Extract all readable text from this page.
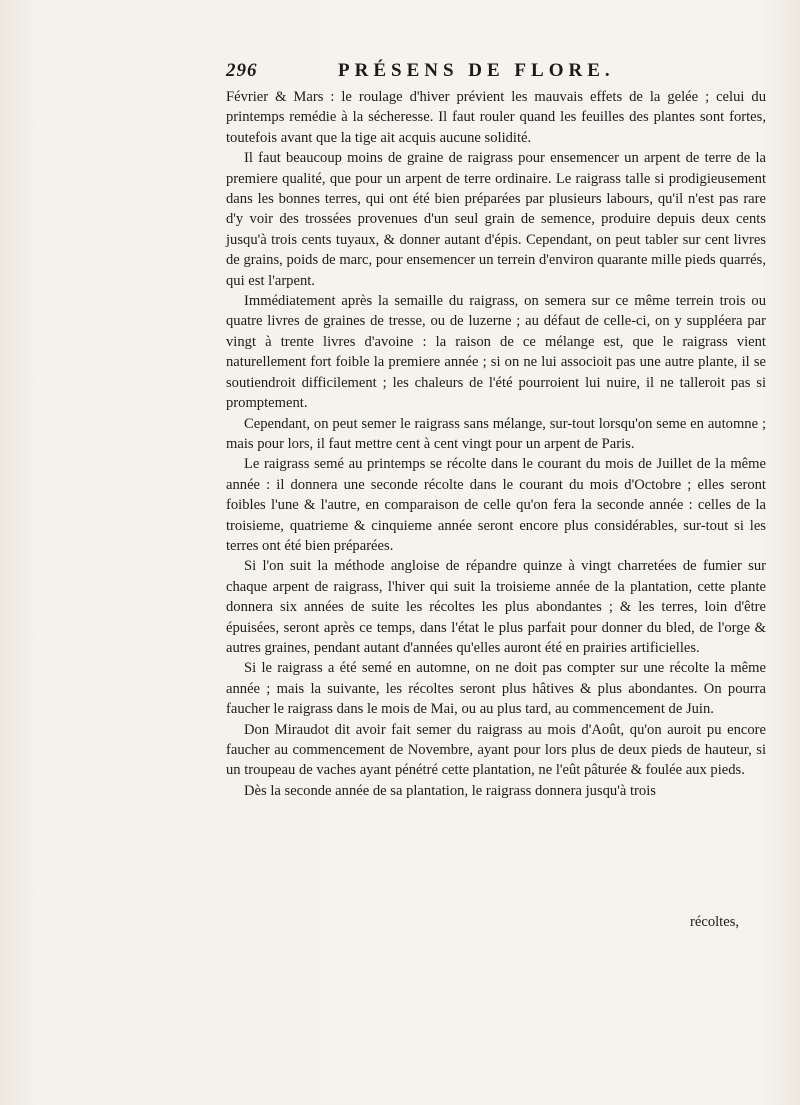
296	PRÉSENS DE FLORE.

Février & Mars : le roulage d'hiver prévient les mauvais effets de la gelée ; celui du printemps remédie à la sécheresse. Il faut rouler quand les feuilles des plantes sont fortes, toutefois avant que la tige ait acquis aucune solidité.

Il faut beaucoup moins de graine de raigrass pour ensemencer un arpent de terre de la premiere qualité, que pour un arpent de terre ordinaire. Le raigrass talle si prodigieusement dans les bonnes terres, qui ont été bien préparées par plusieurs labours, qu'il n'est pas rare d'y voir des trossées provenues d'un seul grain de semence, produire depuis deux cents jusqu'à trois cents tuyaux, & donner autant d'épis. Cependant, on peut tabler sur cent livres de grains, poids de marc, pour ensemencer un terrein d'environ quarante mille pieds quarrés, qui est l'arpent.

Immédiatement après la semaille du raigrass, on semera sur ce même terrein trois ou quatre livres de graines de tresse, ou de luzerne ; au défaut de celle-ci, on y suppléera par vingt à trente livres d'avoine : la raison de ce mélange est, que le raigrass vient naturellement fort foible la premiere année ; si on ne lui associoit pas une autre plante, il se soutiendroit difficilement ; les chaleurs de l'été pourroient lui nuire, il ne talleroit pas si promptement.

Cependant, on peut semer le raigrass sans mélange, sur-tout lorsqu'on seme en automne ; mais pour lors, il faut mettre cent à cent vingt pour un arpent de Paris.

Le raigrass semé au printemps se récolte dans le courant du mois de Juillet de la même année : il donnera une seconde récolte dans le courant du mois d'Octobre ; elles seront foibles l'une & l'autre, en comparaison de celle qu'on fera la seconde année : celles de la troisieme, quatrieme & cinquieme année seront encore plus considérables, sur-tout si les terres ont été bien préparées.

Si l'on suit la méthode angloise de répandre quinze à vingt charretées de fumier sur chaque arpent de raigrass, l'hiver qui suit la troisieme année de la plantation, cette plante donnera six années de suite les récoltes les plus abondantes ; & les terres, loin d'être épuisées, seront après ce temps, dans l'état le plus parfait pour donner du bled, de l'orge & autres graines, pendant autant d'années qu'elles auront été en prairies artificielles.

Si le raigrass a été semé en automne, on ne doit pas compter sur une récolte la même année ; mais la suivante, les récoltes seront plus hâtives & plus abondantes. On pourra faucher le raigrass dans le mois de Mai, ou au plus tard, au commencement de Juin.

Don Miraudot dit avoir fait semer du raigrass au mois d'Août, qu'on auroit pu encore faucher au commencement de Novembre, ayant pour lors plus de deux pieds de hauteur, si un troupeau de vaches ayant pénétré cette plantation, ne l'eût pâturée & foulée aux pieds.

Dès la seconde année de sa plantation, le raigrass donnera jusqu'à trois

récoltes,
